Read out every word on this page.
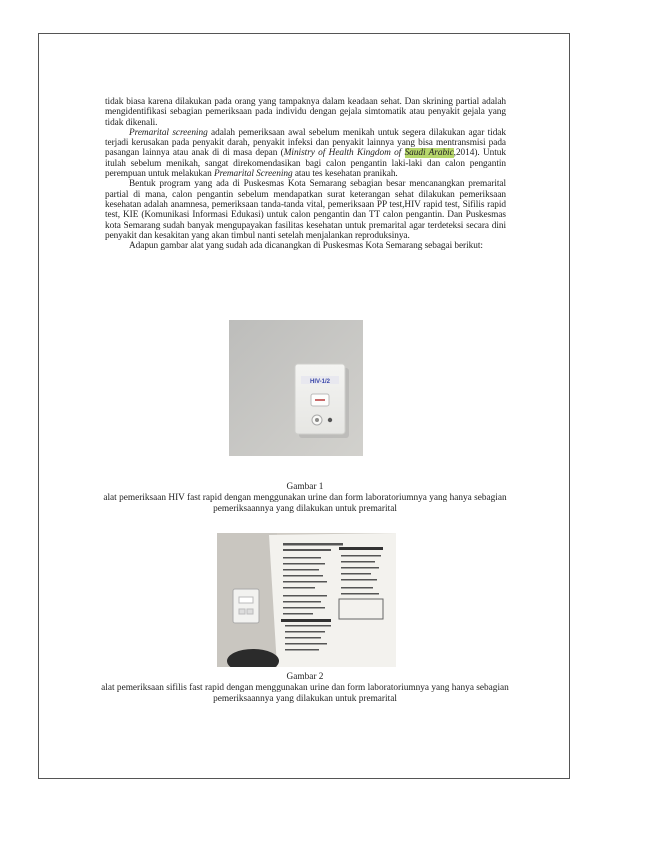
tidak biasa karena dilakukan pada orang yang tampaknya dalam keadaan sehat. Dan skrining partial adalah mengidentifikasi sebagian pemeriksaan pada individu dengan gejala simtomatik atau penyakit gejala yang tidak dikenali.

Premarital screening adalah pemeriksaan awal sebelum menikah untuk segera dilakukan agar tidak terjadi kerusakan pada penyakit darah, penyakit infeksi dan penyakit lainnya yang bisa mentransmisi pada pasangan lainnya atau anak di di masa depan (Ministry of Health Kingdom of Saudi Arabic,2014). Untuk itulah sebelum menikah, sangat direkomendasikan bagi calon pengantin laki-laki dan calon pengantin perempuan untuk melakukan Premarital Screening atau tes kesehatan pranikah.

Bentuk program yang ada di Puskesmas Kota Semarang sebagian besar mencanangkan premarital partial di mana, calon pengantin sebelum mendapatkan surat keterangan sehat dilakukan pemeriksaan kesehatan adalah anamnesa, pemeriksaan tanda-tanda vital, pemeriksaan PP test,HIV rapid test, Sifilis rapid test, KIE (Komunikasi Informasi Edukasi) untuk calon pengantin dan TT calon pengantin. Dan Puskesmas kota Semarang sudah banyak mengupayakan fasilitas kesehatan untuk premarital agar terdeteksi secara dini penyakit dan kesakitan yang akan timbul nanti setelah menjalankan reproduksinya.

Adapun gambar alat yang sudah ada dicanangkan di Puskesmas Kota Semarang sebagai berikut:

HIV-1/2
Gambar 1
alat pemeriksaan HIV fast rapid dengan menggunakan urine dan form laboratoriumnya yang hanya sebagian pemeriksaannya yang dilakukan untuk premarital
Gambar 2
alat pemeriksaan sifilis fast rapid dengan menggunakan urine dan form laboratoriumnya yang hanya sebagian pemeriksaannya yang dilakukan untuk premarital
